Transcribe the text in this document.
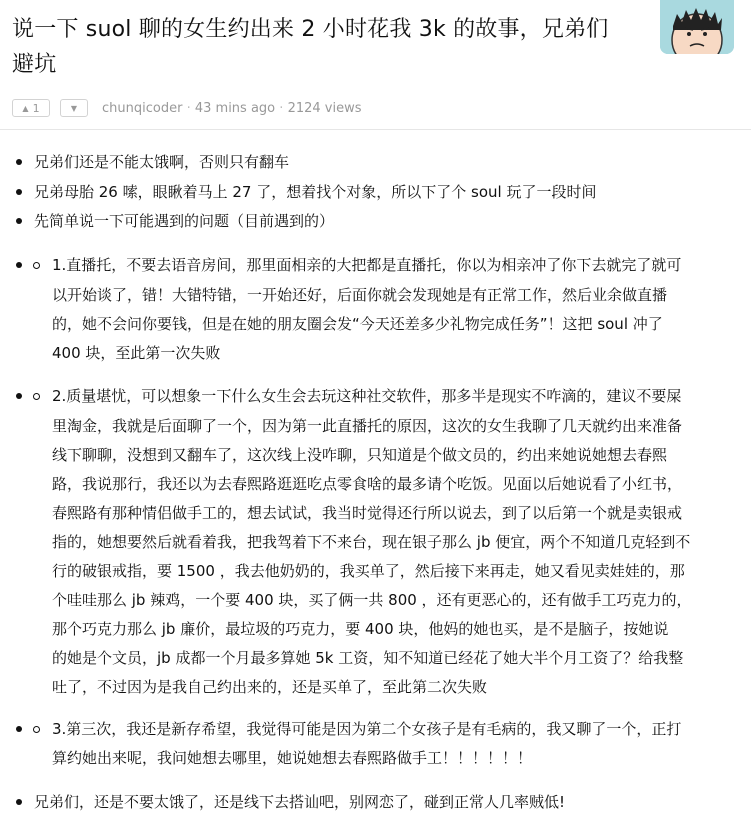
说一下 suol 聊的女生约出来 2 小时花我 3k 的故事，兄弟们
避坑
▲ 1	▼ chunqicoder · 43 mins ago · 2124 views
兄弟们还是不能太饿啊，否则只有翻车
兄弟母胎 26 嗦，眼瞅着马上 27 了，想着找个对象，所以下了个 soul 玩了一段时间
先简单说一下可能遇到的问题（目前遇到的）
1.直播托，不要去语音房间，那里面相亲的大把都是直播托，你以为相亲冲了你下去就完了就可
以开始谈了，错！大错特错，一开始还好，后面你就会发现她是有正常工作，然后业余做直播
的，她不会问你要钱，但是在她的朋友圈会发“今天还差多少礼物完成任务”！这把 soul 冲了
400 块，至此第一次失败
2.质量堪忧，可以想象一下什么女生会去玩这种社交软件，那多半是现实不咋滴的，建议不要屎
里淘金，我就是后面聊了一个，因为第一此直播托的原因，这次的女生我聊了几天就约出来准备
线下聊聊，没想到又翻车了，这次线上没咋聊，只知道是个做文员的，约出来她说她想去春熙
路，我说那行，我还以为去春熙路逛逛吃点零食啥的最多请个吃饭。见面以后她说看了小红书，
春熙路有那种情侣做手工的，想去试试，我当时觉得还行所以说去，到了以后第一个就是卖银戒
指的，她想要然后就看着我，把我驾着下不来台，现在银子那么 jb 便宜，两个不知道几克轻到不
行的破银戒指，要 1500 ，我去他奶奶的，我买单了，然后接下来再走，她又看见卖娃娃的，那
个哇哇那么 jb 辣鸡，一个要 400 块，买了俩一共 800 ，还有更恶心的，还有做手工巧克力的，
那个巧克力那么 jb 廉价，最垃圾的巧克力，要 400 块，他妈的她也买，是不是脑子，按她说
的她是个文员，jb 成都一个月最多算她 5k 工资，知不知道已经花了她大半个月工资了？给我整
吐了，不过因为是我自己约出来的，还是买单了，至此第二次失败
3.第三次，我还是新存希望，我觉得可能是因为第二个女孩子是有毛病的，我又聊了一个，正打
算约她出来呢，我问她想去哪里，她说她想去春熙路做手工！！！！！！
兄弟们，还是不要太饿了，还是线下去搭讪吧，别网恋了，碰到正常人几率贼低!
